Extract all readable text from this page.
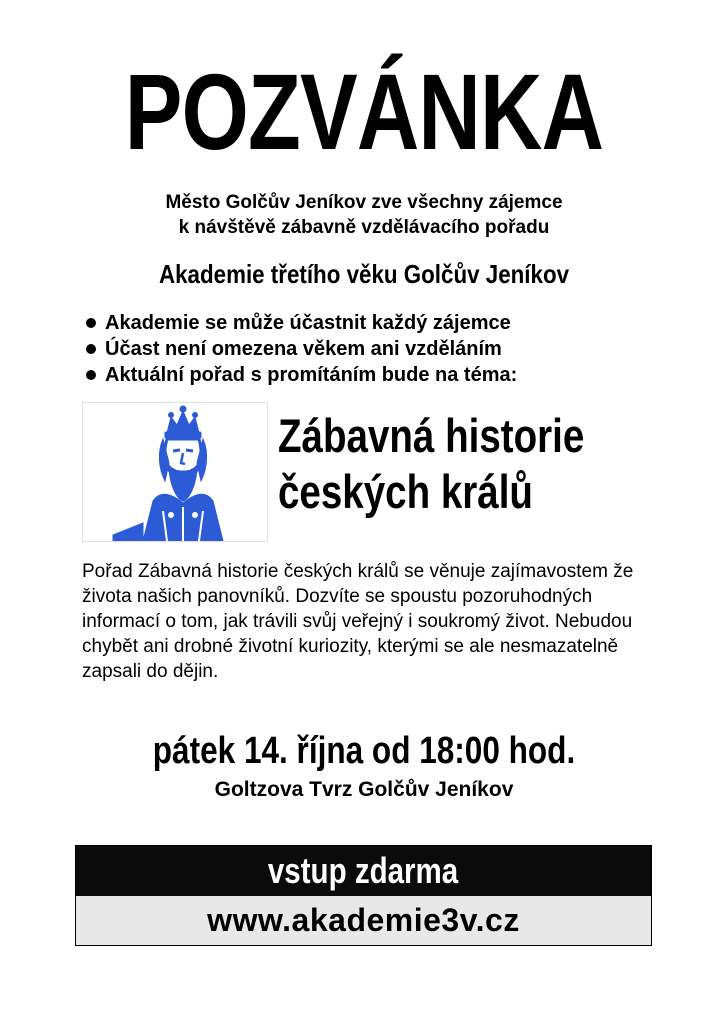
POZVÁNKA
Město Golčův Jeníkov zve všechny zájemce
k návštěvě zábavně vzdělávacího pořadu
Akademie třetího věku Golčův Jeníkov
Akademie se může účastnit každý zájemce
Účast není omezena věkem ani vzděláním
Aktuální pořad s promítáním bude na téma:
Zábavná historie
českých králů
Pořad Zábavná historie českých králů se věnuje zajímavostem že života našich panovníků. Dozvíte se spoustu pozoruhodných informací o tom, jak trávili svůj veřejný i soukromý život. Nebudou chybět ani drobné životní kuriozity, kterými se ale nesmazatelně zapsali do dějin.
pátek 14. října od 18:00 hod.
Goltzova Tvrz Golčův Jeníkov
vstup zdarma
www.akademie3v.cz
